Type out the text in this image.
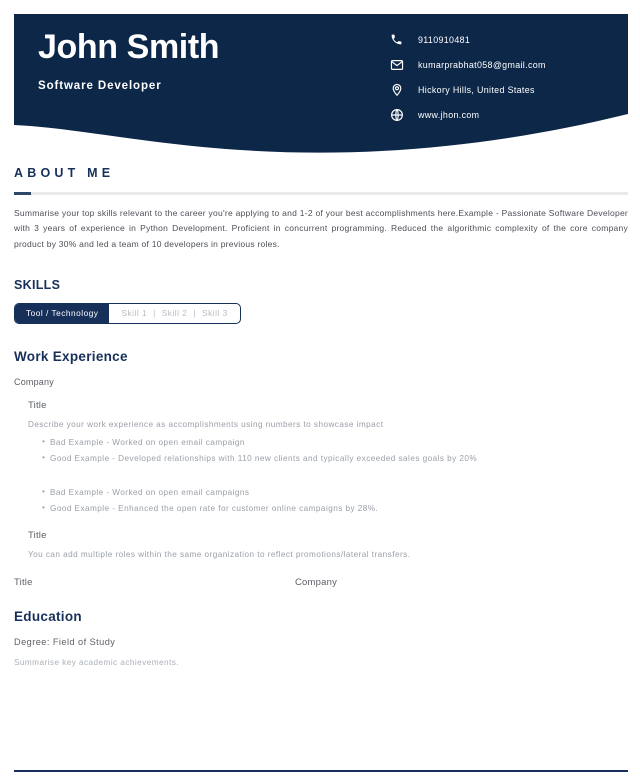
John Smith
Software Developer
9110910481
kumarprabhat058@gmail.com
Hickory Hills, United States
www.jhon.com
ABOUT ME

Summarise your top skills relevant to the career you're applying to and 1-2 of your best accomplishments here.Example - Passionate Software Developer with 3 years of experience in Python Development. Proficient in concurrent programming. Reduced the algorithmic complexity of the core company product by 30% and led a team of 10 developers in previous roles.

SKILLS
Tool / Technology	Skill 1 | Skill 2 | Skill 3
Work Experience
Company
Title
Describe your work experience as accomplishments using numbers to showcase impact
• Bad Example - Worked on open email campaign
• Good Example - Developed relationships with 110 new clients and typically exceeded sales goals by 20%
• Bad Example - Worked on open email campaigns
• Good Example - Enhanced the open rate for customer online campaigns by 28%.
Title
You can add multiple roles within the same organization to reflect promotions/lateral transfers.
Title	Company
Education
Degree: Field of Study
Summarise key academic achievements.
